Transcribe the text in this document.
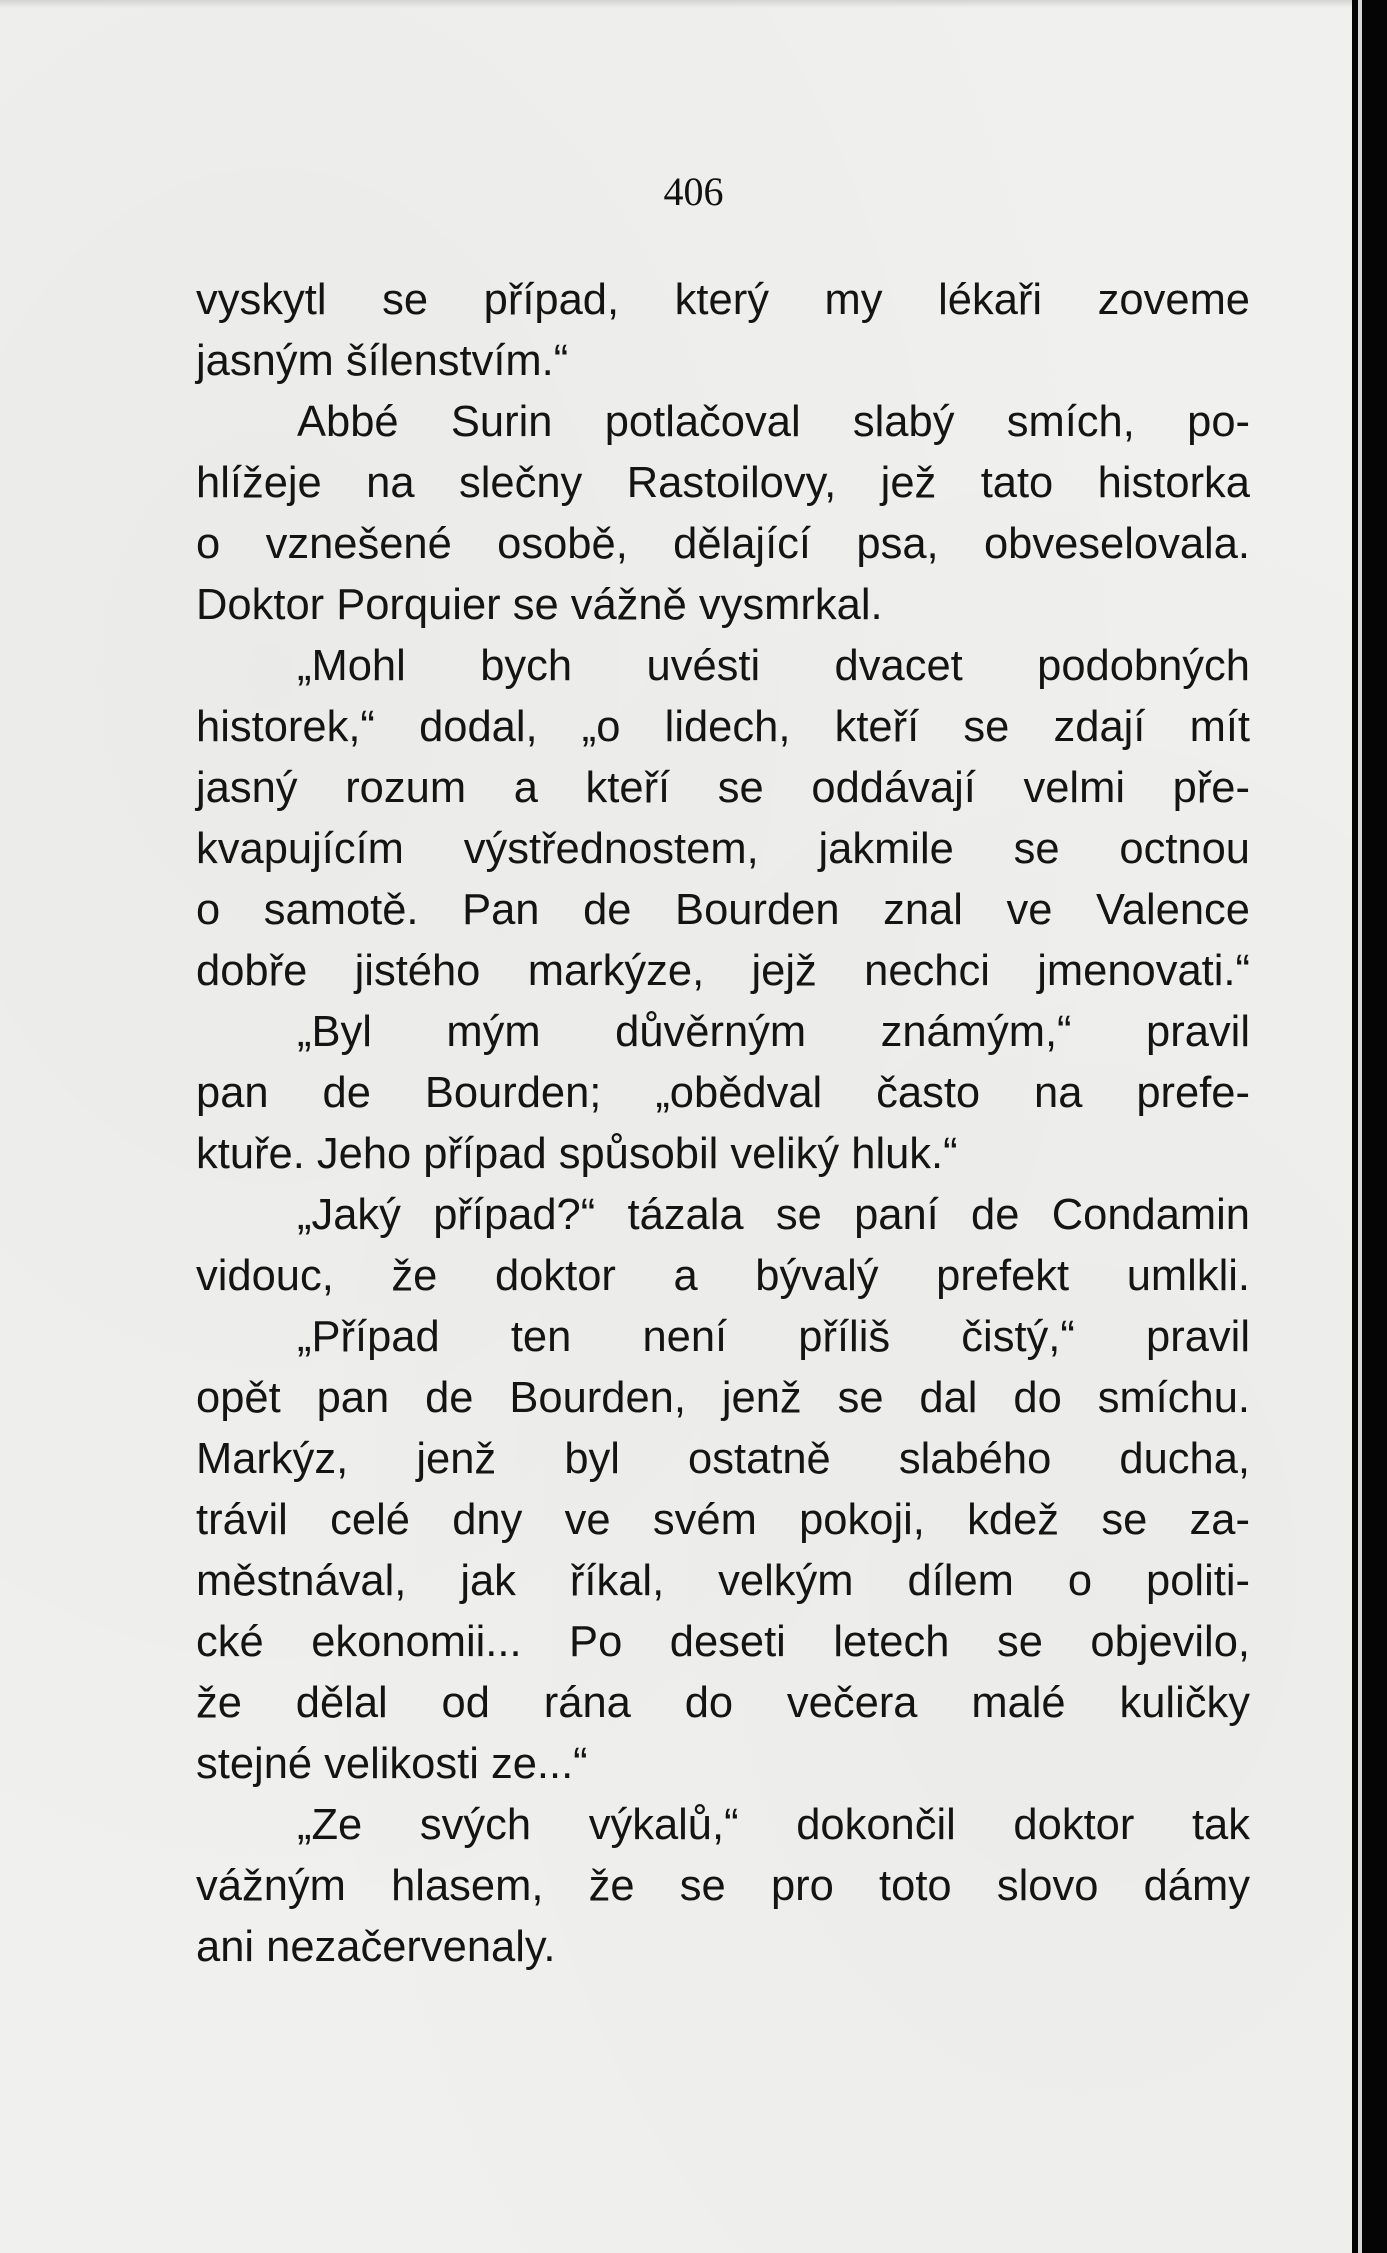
406
vyskytl se případ, který my lékaři zoveme
jasným šílenstvím.“
Abbé Surin potlačoval slabý smích, po-
hlížeje na slečny Rastoilovy, jež tato historka
o vznešené osobě, dělající psa, obveselovala.
Doktor Porquier se vážně vysmrkal.
„Mohl bych uvésti dvacet podobných
historek,“ dodal, „o lidech, kteří se zdají mít
jasný rozum a kteří se oddávají velmi pře-
kvapujícím výstřednostem, jakmile se octnou
o samotě. Pan de Bourden znal ve Valence
dobře jistého markýze, jejž nechci jmenovati.“
„Byl mým důvěrným známým,“ pravil
pan de Bourden; „obědval často na prefe-
ktuře. Jeho případ spůsobil veliký hluk.“
„Jaký případ?“ tázala se paní de Condamin
vidouc, že doktor a bývalý prefekt umlkli.
„Případ ten není příliš čistý,“ pravil
opět pan de Bourden, jenž se dal do smíchu.
Markýz, jenž byl ostatně slabého ducha,
trávil celé dny ve svém pokoji, kdež se za-
městnával, jak říkal, velkým dílem o politi-
cké ekonomii... Po deseti letech se objevilo,
že dělal od rána do večera malé kuličky
stejné velikosti ze...“
„Ze svých výkalů,“ dokončil doktor tak
vážným hlasem, že se pro toto slovo dámy
ani nezačervenaly.
